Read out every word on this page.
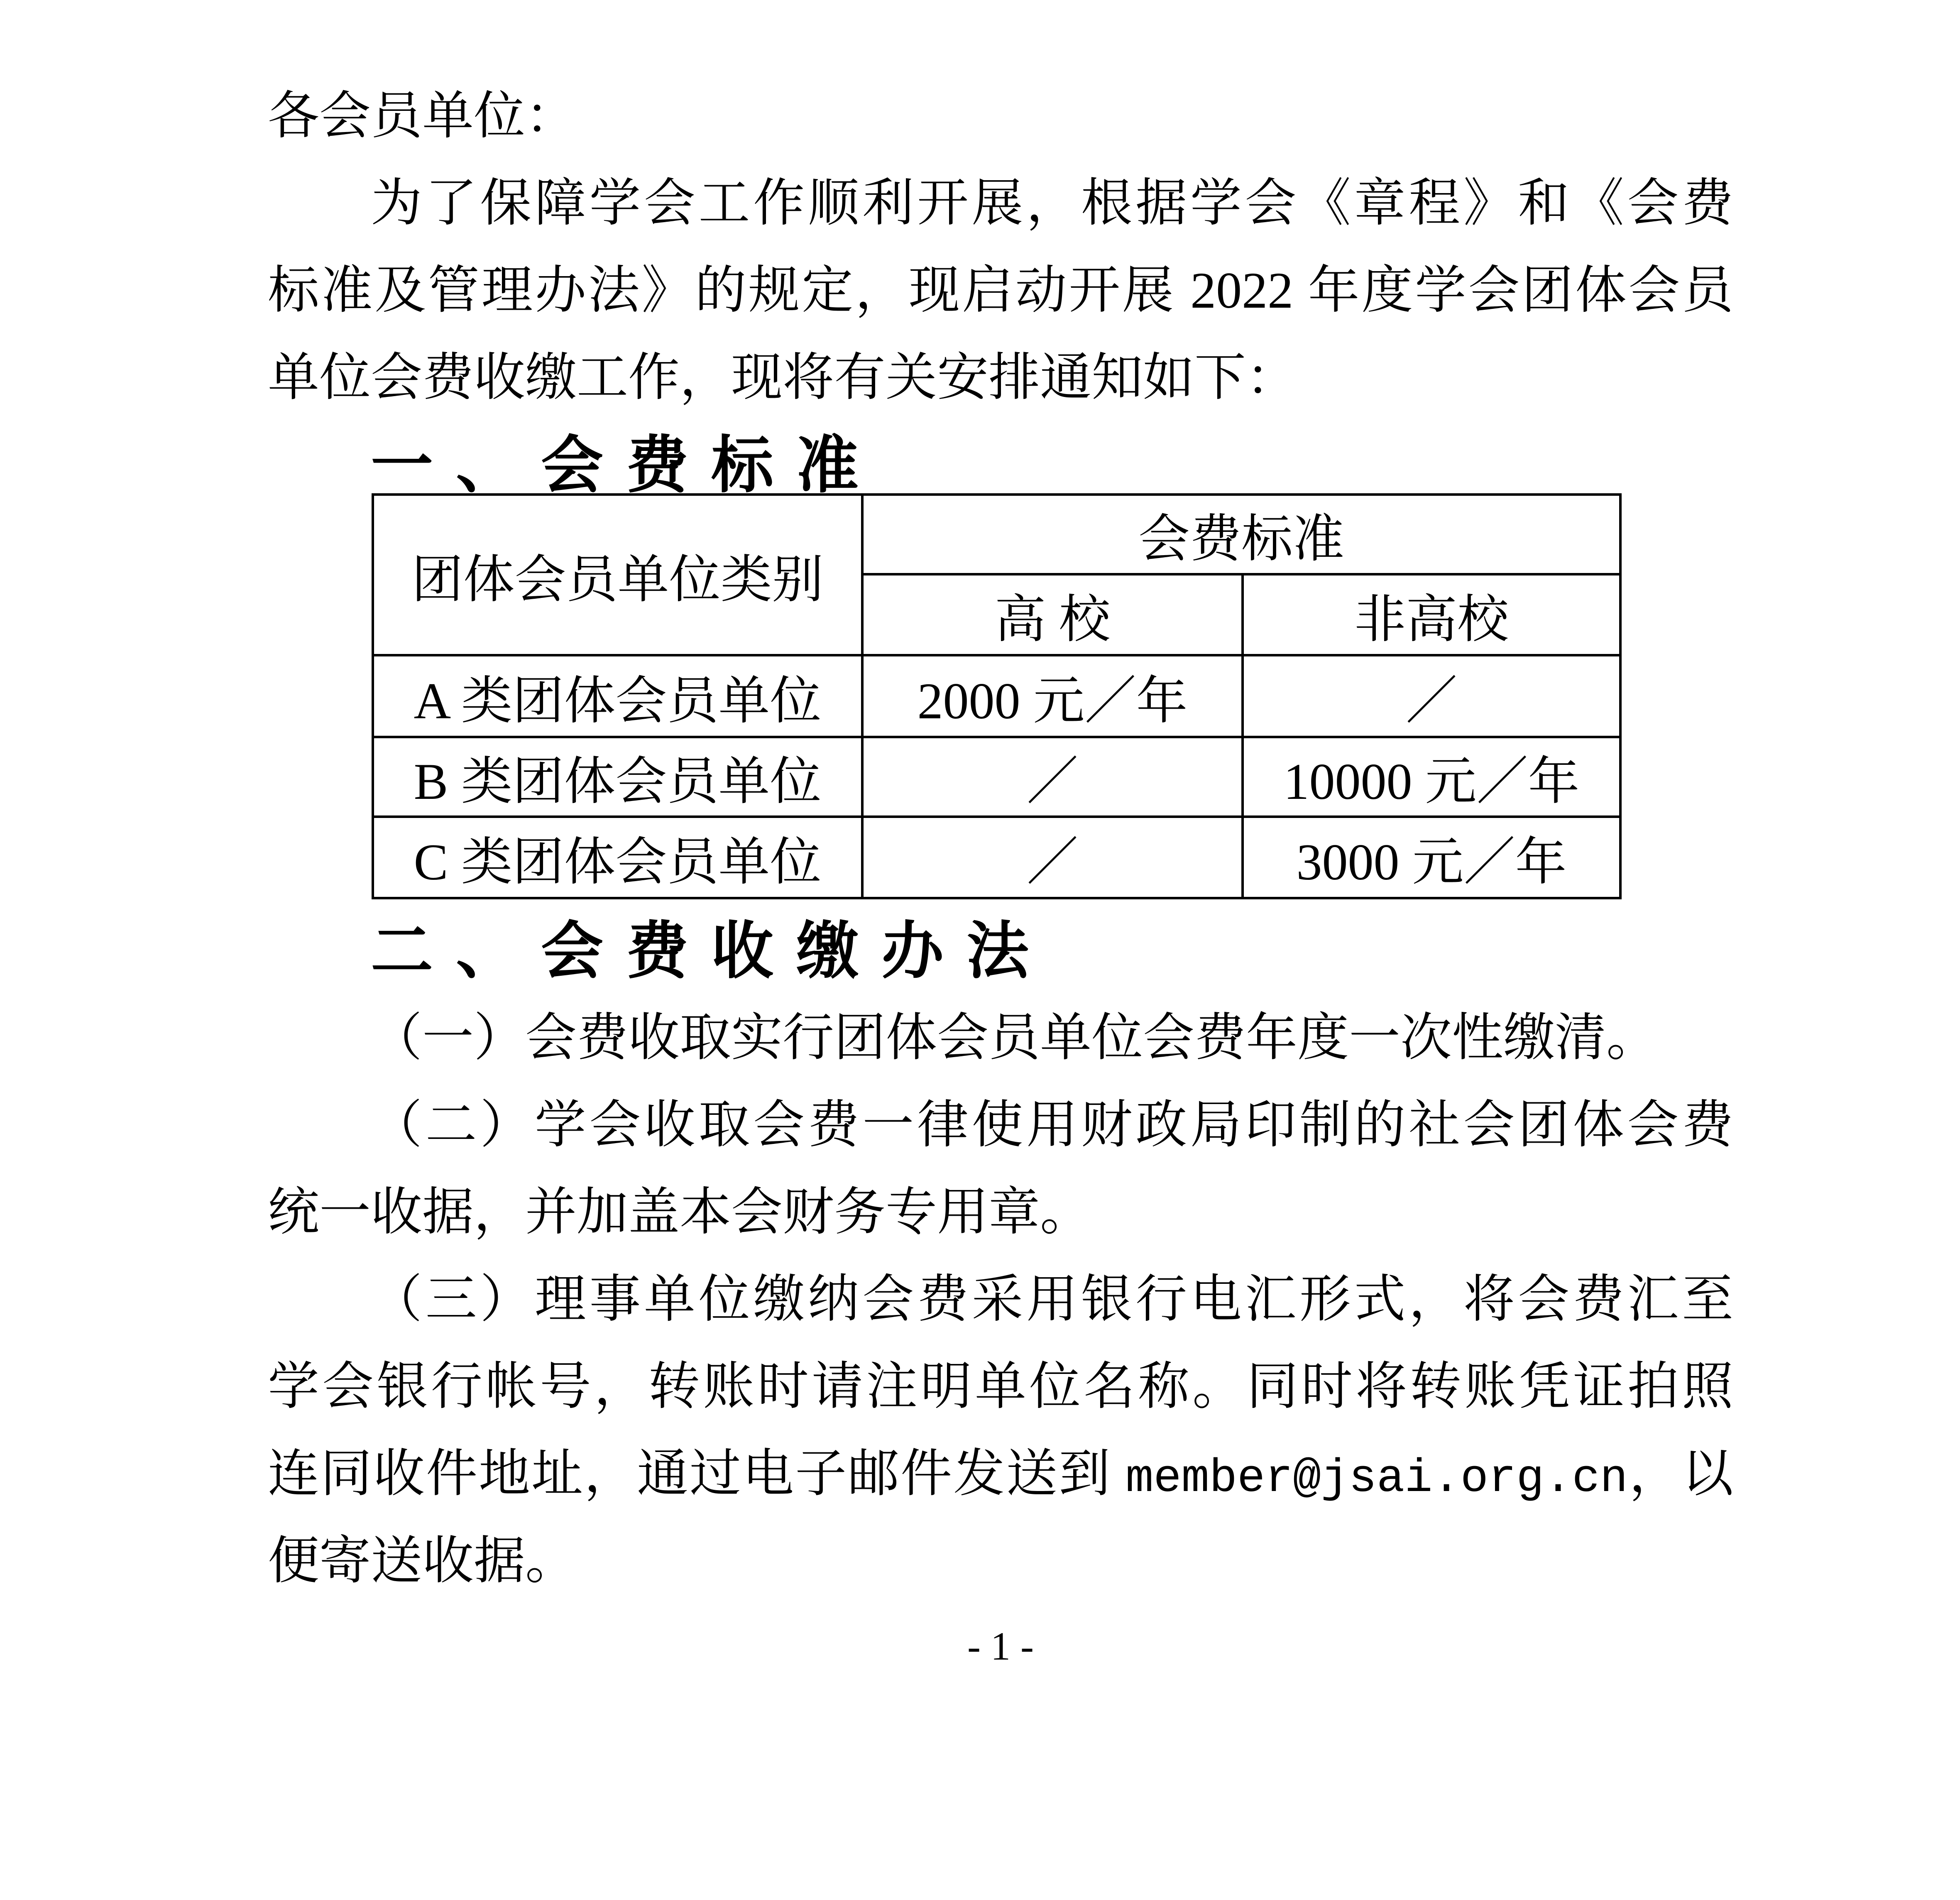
各会员单位：
为了保障学会工作顺利开展，根据学会《章程》和《会费
标准及管理办法》的规定，现启动开展 2022 年度学会团体会员
单位会费收缴工作，现将有关安排通知如下：
一、会费标准
团体会员单位类别	会费标准	
	高 校	非高校
A 类团体会员单位	2000 元／年	／
B 类团体会员单位	／	10000 元／年
C 类团体会员单位	／	3000 元／年
二、会费收缴办法
（一）会费收取实行团体会员单位会费年度一次性缴清。
（二）学会收取会费一律使用财政局印制的社会团体会费
统一收据，并加盖本会财务专用章。
（三）理事单位缴纳会费采用银行电汇形式，将会费汇至
学会银行帐号，转账时请注明单位名称。同时将转账凭证拍照
连同收件地址，通过电子邮件发送到 member@jsai.org.cn，以
便寄送收据。
- 1 -
